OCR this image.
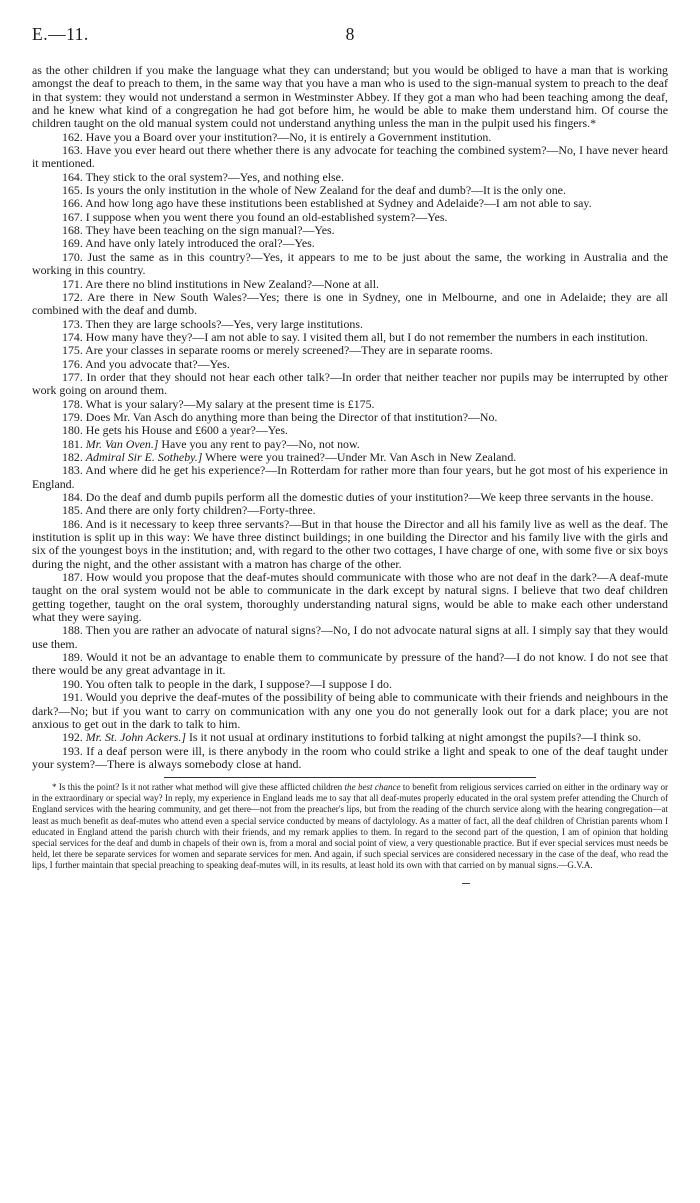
E.—11.	8

as the other children if you make the language what they can understand; but you would be obliged to have a man that is working amongst the deaf to preach to them, in the same way that you have a man who is used to the sign-manual system to preach to the deaf in that system: they would not understand a sermon in Westminster Abbey. If they got a man who had been teaching among the deaf, and he knew what kind of a congregation he had got before him, he would be able to make them understand him. Of course the children taught on the old manual system could not understand anything unless the man in the pulpit used his fingers.*

162. Have you a Board over your institution?—No, it is entirely a Government institution.

163. Have you ever heard out there whether there is any advocate for teaching the combined system?—No, I have never heard it mentioned.

164. They stick to the oral system?—Yes, and nothing else.

165. Is yours the only institution in the whole of New Zealand for the deaf and dumb?—It is the only one.

166. And how long ago have these institutions been established at Sydney and Adelaide?—I am not able to say.

167. I suppose when you went there you found an old-established system?—Yes.

168. They have been teaching on the sign manual?—Yes.

169. And have only lately introduced the oral?—Yes.

170. Just the same as in this country?—Yes, it appears to me to be just about the same, the working in Australia and the working in this country.

171. Are there no blind institutions in New Zealand?—None at all.

172. Are there in New South Wales?—Yes; there is one in Sydney, one in Melbourne, and one in Adelaide; they are all combined with the deaf and dumb.

173. Then they are large schools?—Yes, very large institutions.

174. How many have they?—I am not able to say. I visited them all, but I do not remember the numbers in each institution.

175. Are your classes in separate rooms or merely screened?—They are in separate rooms.

176. And you advocate that?—Yes.

177. In order that they should not hear each other talk?—In order that neither teacher nor pupils may be interrupted by other work going on around them.

178. What is your salary?—My salary at the present time is £175.

179. Does Mr. Van Asch do anything more than being the Director of that institution?—No.

180. He gets his House and £600 a year?—Yes.

181. Mr. Van Oven.] Have you any rent to pay?—No, not now.

182. Admiral Sir E. Sotheby.] Where were you trained?—Under Mr. Van Asch in New Zealand.

183. And where did he get his experience?—In Rotterdam for rather more than four years, but he got most of his experience in England.

184. Do the deaf and dumb pupils perform all the domestic duties of your institution?—We keep three servants in the house.

185. And there are only forty children?—Forty-three.

186. And is it necessary to keep three servants?—But in that house the Director and all his family live as well as the deaf. The institution is split up in this way: We have three distinct buildings; in one building the Director and his family live with the girls and six of the youngest boys in the institution; and, with regard to the other two cottages, I have charge of one, with some five or six boys during the night, and the other assistant with a matron has charge of the other.

187. How would you propose that the deaf-mutes should communicate with those who are not deaf in the dark?—A deaf-mute taught on the oral system would not be able to communicate in the dark except by natural signs. I believe that two deaf children getting together, taught on the oral system, thoroughly understanding natural signs, would be able to make each other understand what they were saying.

188. Then you are rather an advocate of natural signs?—No, I do not advocate natural signs at all. I simply say that they would use them.

189. Would it not be an advantage to enable them to communicate by pressure of the hand?—I do not know. I do not see that there would be any great advantage in it.

190. You often talk to people in the dark, I suppose?—I suppose I do.

191. Would you deprive the deaf-mutes of the possibility of being able to communicate with their friends and neighbours in the dark?—No; but if you want to carry on communication with any one you do not generally look out for a dark place; you are not anxious to get out in the dark to talk to him.

192. Mr. St. John Ackers.] Is it not usual at ordinary institutions to forbid talking at night amongst the pupils?—I think so.

193. If a deaf person were ill, is there anybody in the room who could strike a light and speak to one of the deaf taught under your system?—There is always somebody close at hand.

* Is this the point? Is it not rather what method will give these afflicted children the best chance to benefit from religious services carried on either in the ordinary way or in the extraordinary or special way? In reply, my experience in England leads me to say that all deaf-mutes properly educated in the oral system prefer attending the Church of England services with the hearing community, and get there—not from the preacher's lips, but from the reading of the church service along with the hearing congregation—at least as much benefit as deaf-mutes who attend even a special service conducted by means of dactylology. As a matter of fact, all the deaf children of Christian parents whom I educated in England attend the parish church with their friends, and my remark applies to them. In regard to the second part of the question, I am of opinion that holding special services for the deaf and dumb in chapels of their own is, from a moral and social point of view, a very questionable practice. But if ever special services must needs be held, let there be separate services for women and separate services for men. And again, if such special services are considered necessary in the case of the deaf, who read the lips, I further maintain that special preaching to speaking deaf-mutes will, in its results, at least hold its own with that carried on by manual signs.—G.V.A.
